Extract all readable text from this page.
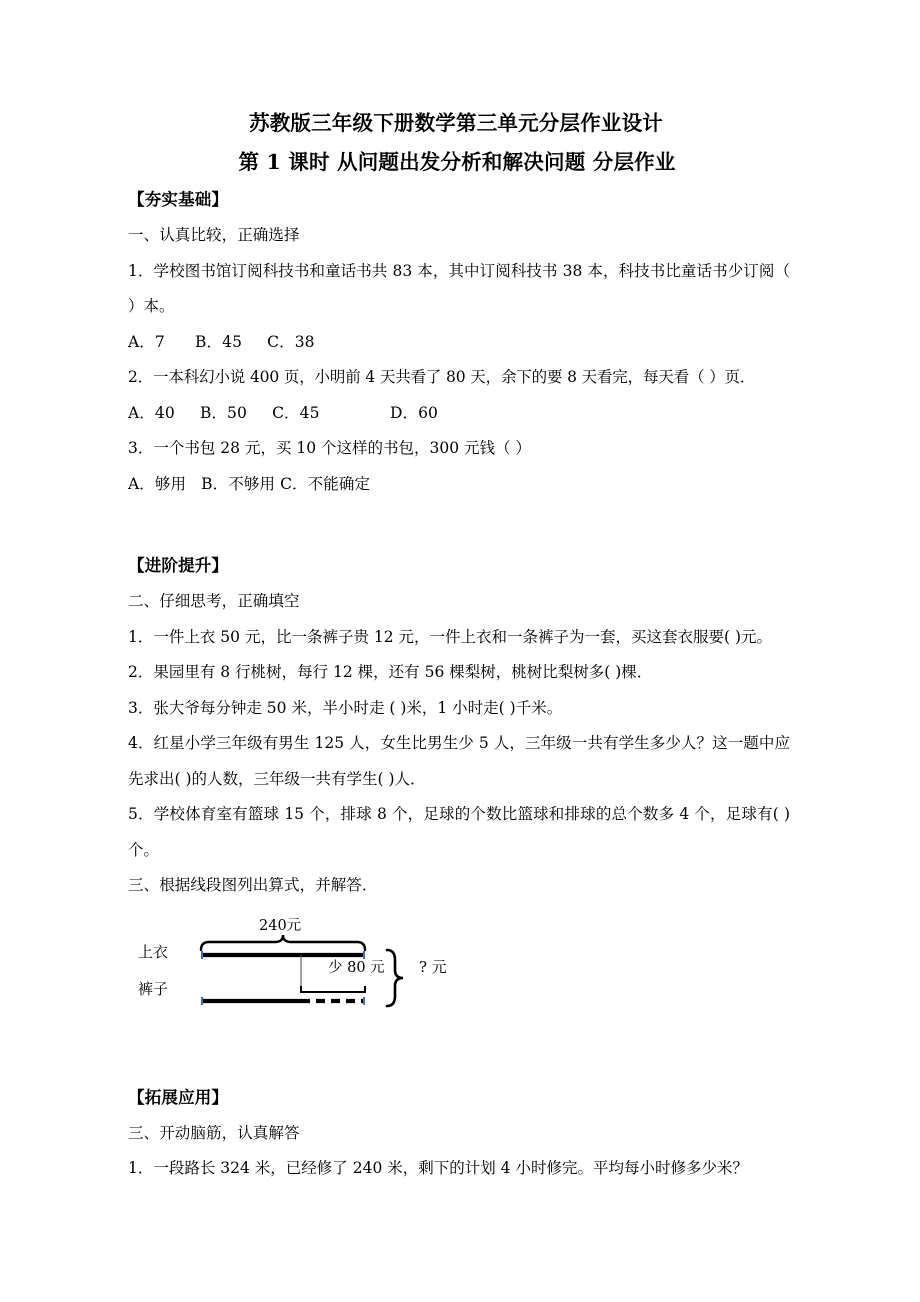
苏教版三年级下册数学第三单元分层作业设计
第 1 课时 从问题出发分析和解决问题 分层作业
【夯实基础】
一、认真比较，正确选择
1．学校图书馆订阅科技书和童话书共 83 本，其中订阅科技书 38 本，科技书比童话书少订阅（ ）本。
A．7      B．45     C．38
2．一本科幻小说 400 页，小明前 4 天共看了 80 天，余下的要 8 天看完，每天看（ ）页．
A．40     B．50     C．45              D．60
3．一个书包 28 元，买 10 个这样的书包，300 元钱（ ）
A．够用   B．不够用 C．不能确定
【进阶提升】
二、仔细思考，正确填空
1．一件上衣 50 元，比一条裤子贵 12 元，一件上衣和一条裤子为一套，买这套衣服要( )元。
2．果园里有 8 行桃树，每行 12 棵，还有 56 棵梨树，桃树比梨树多( )棵．
3．张大爷每分钟走 50 米，半小时走 ( )米，1 小时走( )千米。
4．红星小学三年级有男生 125 人，女生比男生少 5 人，三年级一共有学生多少人？这一题中应先求出( )的人数，三年级一共有学生( )人．
5．学校体育室有篮球 15 个，排球 8 个，足球的个数比篮球和排球的总个数多 4 个，足球有( )个。
三、根据线段图列出算式，并解答．
上衣
裤子
240元
少 80 元 ? 元
【拓展应用】
三、开动脑筋，认真解答
1．一段路长 324 米，已经修了 240 米，剩下的计划 4 小时修完。平均每小时修多少米？
